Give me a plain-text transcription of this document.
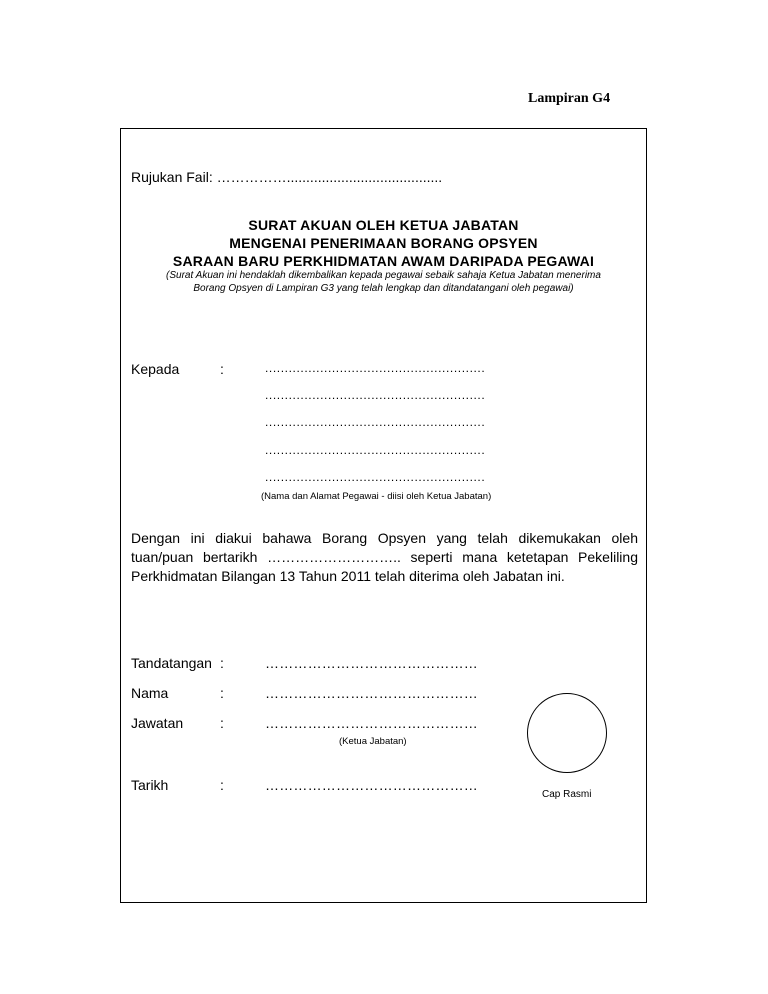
Lampiran G4
Rujukan Fail: ……………........................................
SURAT AKUAN OLEH KETUA JABATAN
MENGENAI PENERIMAAN BORANG OPSYEN
SARAAN BARU PERKHIDMATAN AWAM DARIPADA PEGAWAI
(Surat Akuan ini hendaklah dikembalikan kepada pegawai sebaik sahaja Ketua Jabatan menerima
Borang Opsyen di Lampiran G3 yang telah lengkap dan ditandatangani oleh pegawai)
Kepada	:	........................................................
........................................................
........................................................
........................................................
........................................................
(Nama dan Alamat Pegawai - diisi oleh Ketua Jabatan)
Dengan ini diakui bahawa Borang Opsyen yang telah dikemukakan oleh
tuan/puan bertarikh ……………………….. seperti mana ketetapan Pekeliling
Perkhidmatan Bilangan 13 Tahun 2011 telah diterima oleh Jabatan ini.
Tandatangan :	………………………………………
Nama	:	………………………………………
Jawatan	:	………………………………………
(Ketua Jabatan)
Tarikh	:	………………………………………
Cap Rasmi
